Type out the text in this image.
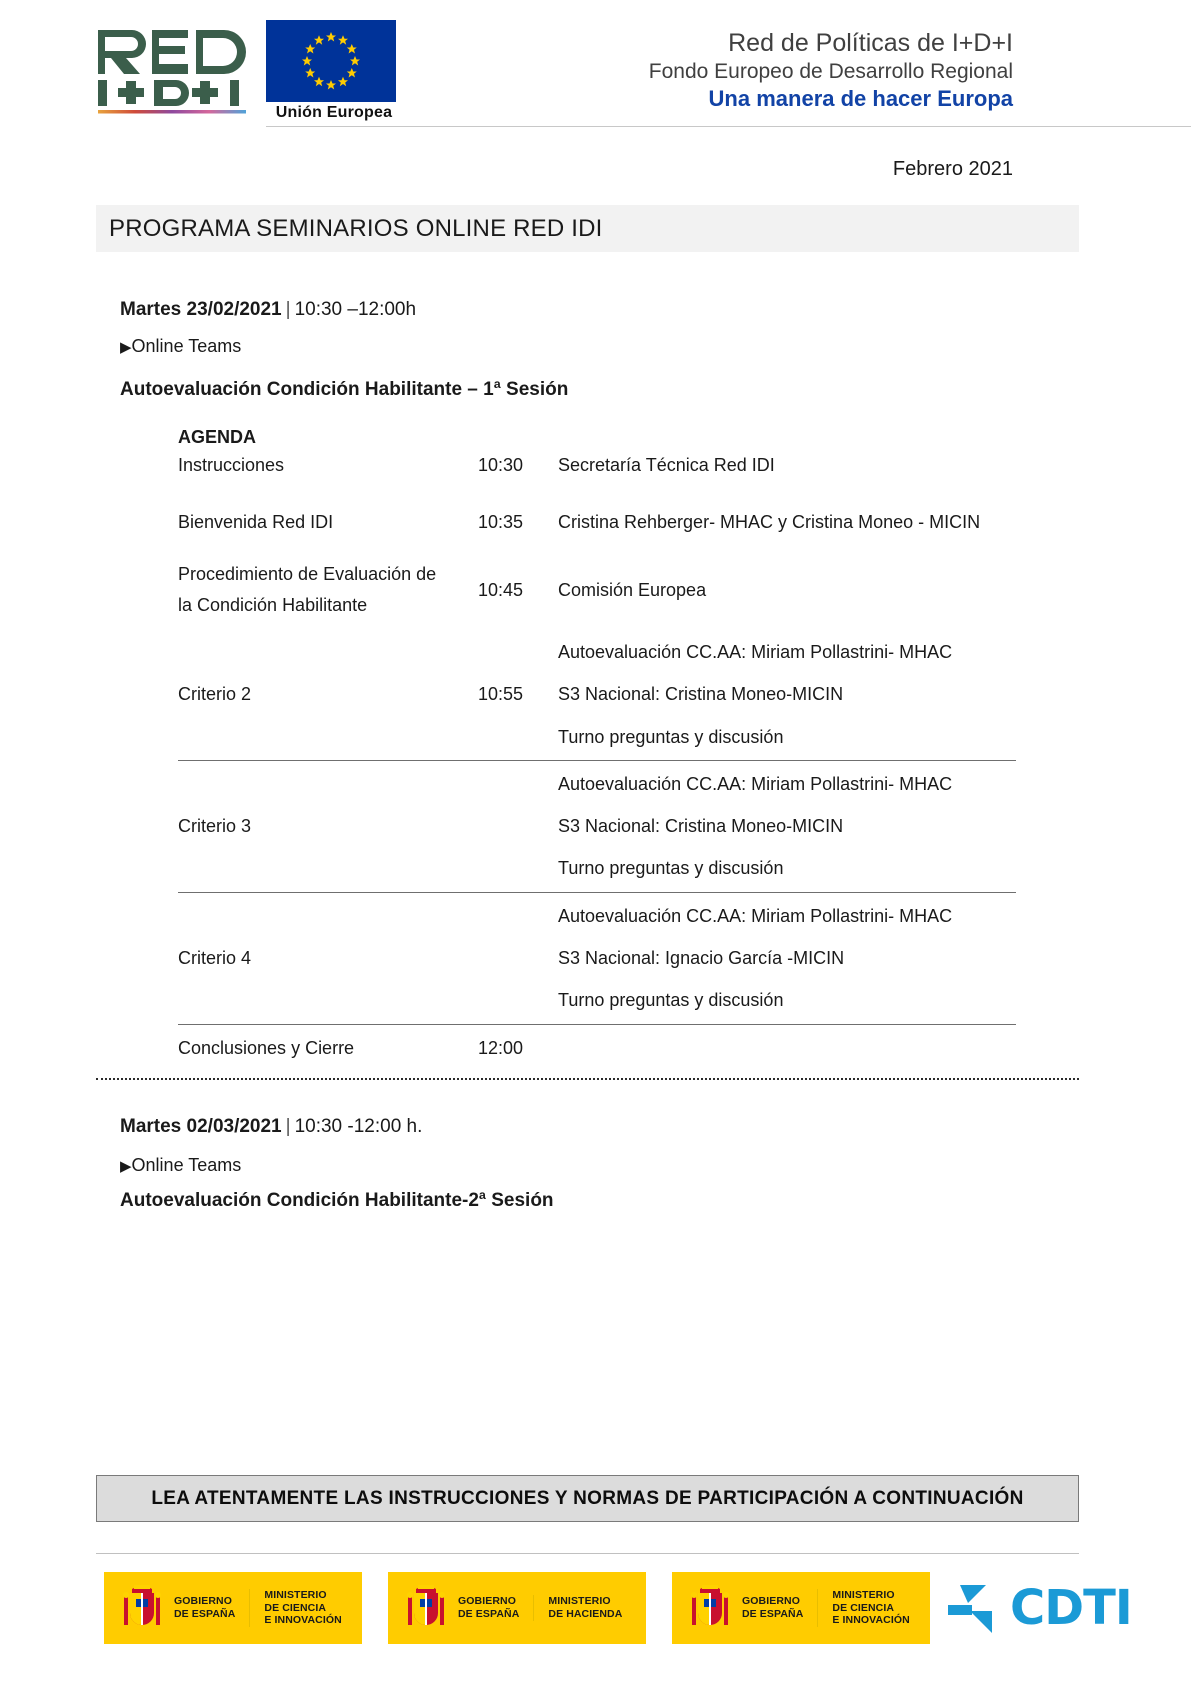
Unión Europea
Red de Políticas de I+D+I
Fondo Europeo de Desarrollo Regional
Una manera de hacer Europa
Febrero 2021
PROGRAMA SEMINARIOS ONLINE RED IDI
Martes 23/02/2021 | 10:30 –12:00h
▶Online Teams
Autoevaluación Condición Habilitante – 1ª Sesión
AGENDA
Instrucciones	10:30	Secretaría Técnica Red IDI
Bienvenida Red IDI	10:35	Cristina Rehberger- MHAC y Cristina Moneo - MICIN

Procedimiento de Evaluación de
la Condición Habilitante	10:45	Comisión Europea
Criterio 2	10:55	Autoevaluación CC.AA: Miriam Pollastrini- MHAC
S3 Nacional: Cristina Moneo-MICIN
Turno preguntas y discusión

Criterio 3		Autoevaluación CC.AA: Miriam Pollastrini- MHAC
S3 Nacional: Cristina Moneo-MICIN
Turno preguntas y discusión

Criterio 4		Autoevaluación CC.AA: Miriam Pollastrini- MHAC
S3 Nacional: Ignacio García -MICIN
Turno preguntas y discusión

Conclusiones y Cierre	12:00	
Martes 02/03/2021 | 10:30 -12:00 h.
▶Online Teams
Autoevaluación Condición Habilitante-2ª Sesión
LEA ATENTAMENTE LAS INSTRUCCIONES Y NORMAS DE PARTICIPACIÓN A CONTINUACIÓN
GOBIERNO
DE ESPAÑA
MINISTERIO
DE CIENCIA
E INNOVACIÓN
GOBIERNO
DE ESPAÑA
MINISTERIO
DE HACIENDA
GOBIERNO
DE ESPAÑA
MINISTERIO
DE CIENCIA
E INNOVACIÓN CDTI
